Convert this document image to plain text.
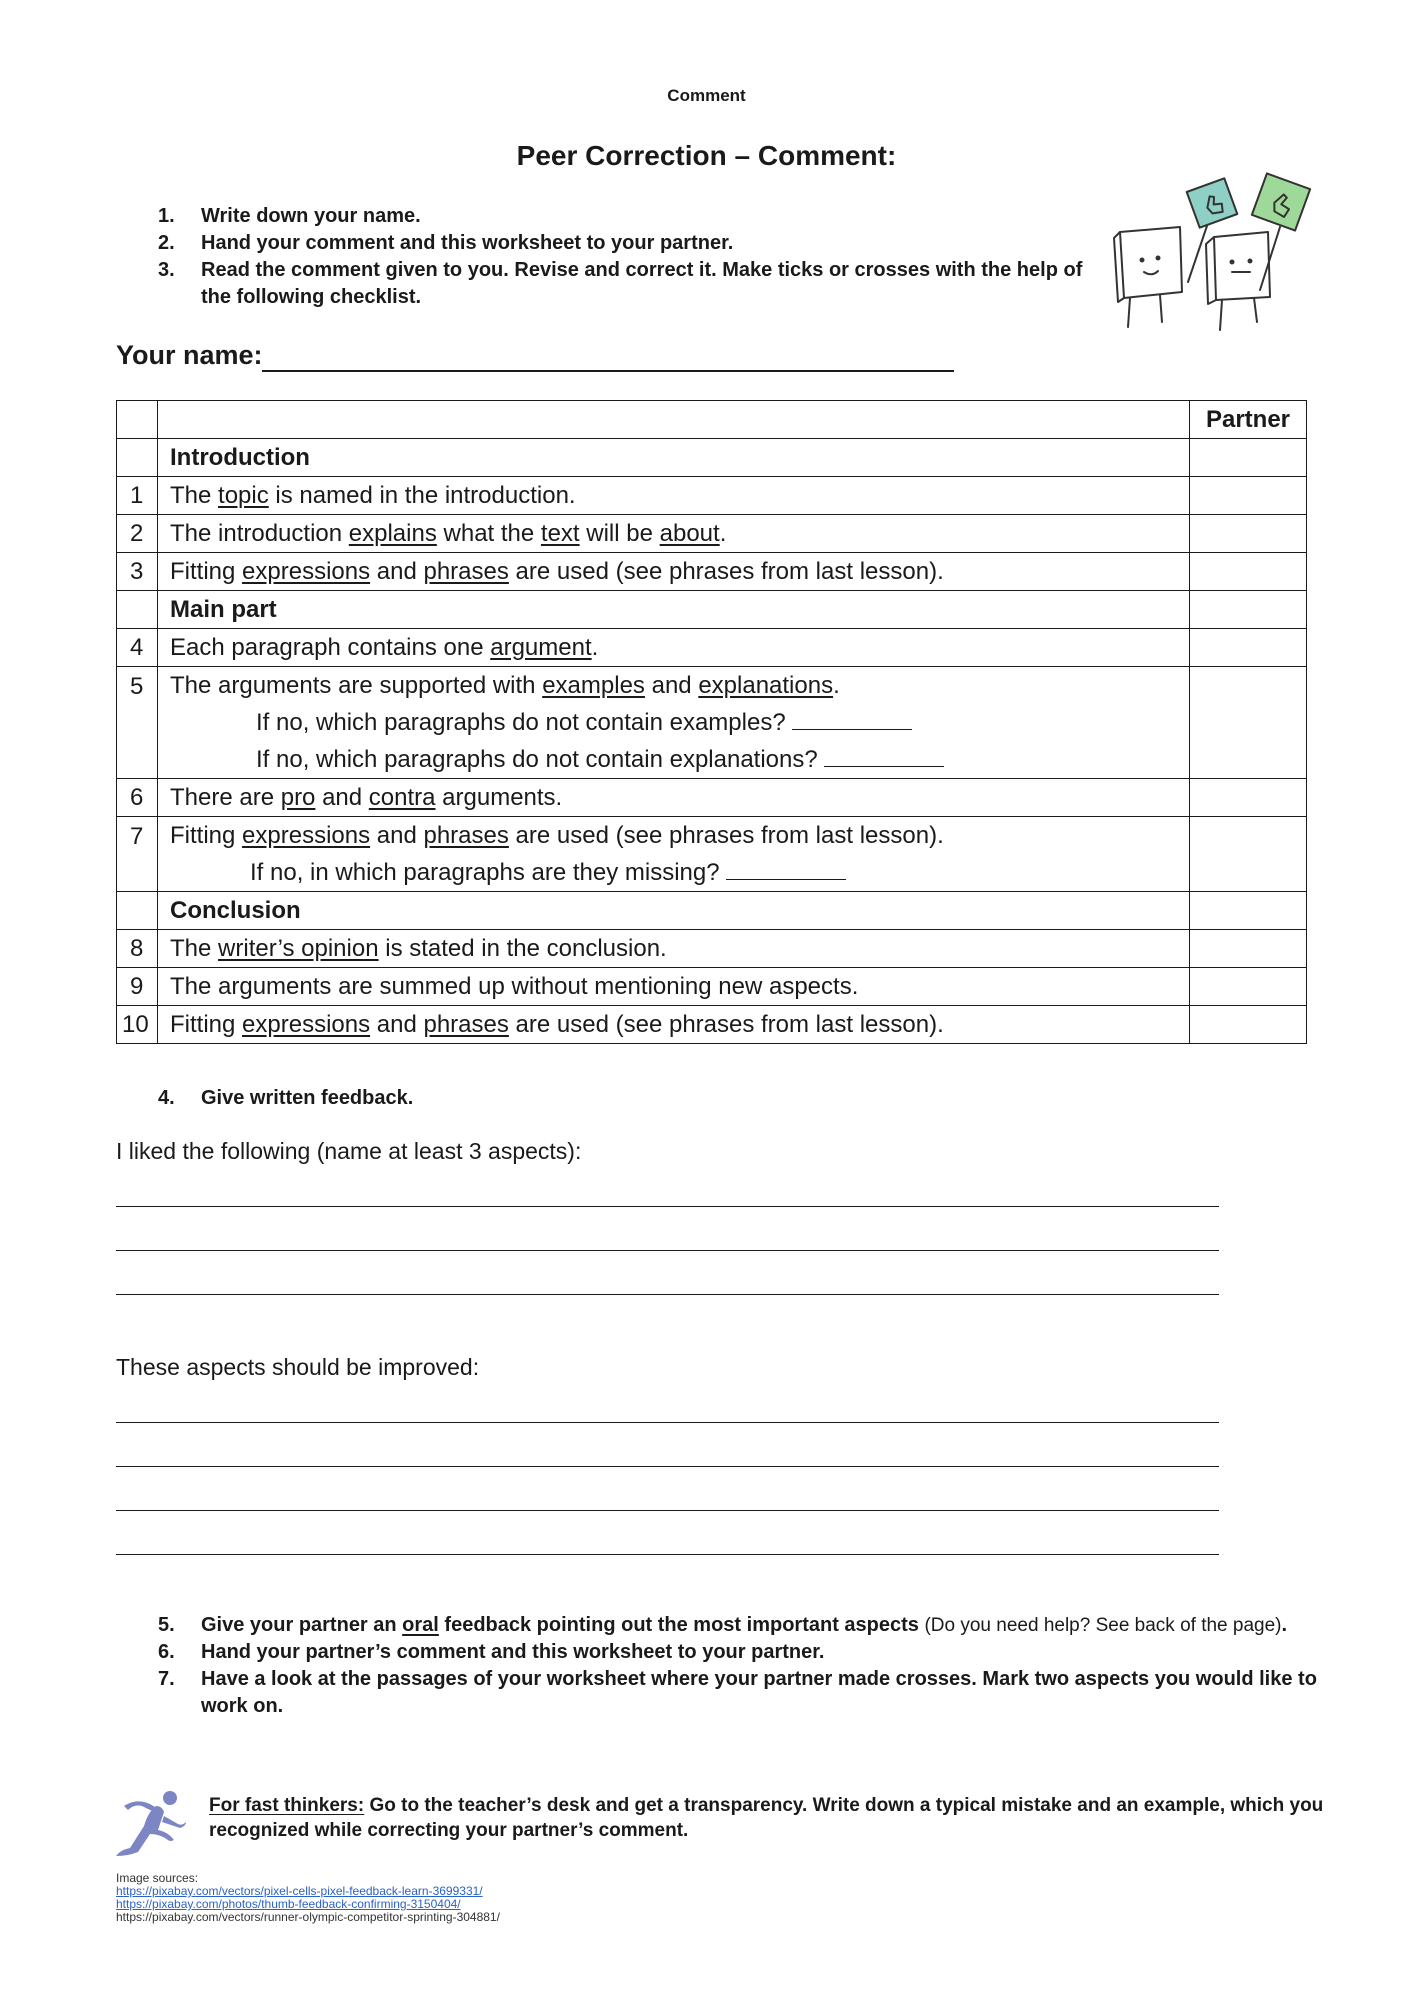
Comment
Peer Correction – Comment:
1. Write down your name.
2. Hand your comment and this worksheet to your partner.
3. Read the comment given to you. Revise and correct it. Make ticks or crosses with the help of the following checklist.
Your name:
		Partner
	Introduction	
1	The topic is named in the introduction.	
2	The introduction explains what the text will be about.	
3	Fitting expressions and phrases are used (see phrases from last lesson).	
	Main part	
4	Each paragraph contains one argument.	
5	The arguments are supported with examples and explanations.
If no, which paragraphs do not contain examples?
If no, which paragraphs do not contain explanations?	

6	There are pro and contra arguments.	
7	Fitting expressions and phrases are used (see phrases from last lesson).
If no, in which paragraphs are they missing?	

	Conclusion	
8	The writer’s opinion is stated in the conclusion.	
9	The arguments are summed up without mentioning new aspects.	
10	Fitting expressions and phrases are used (see phrases from last lesson).	
4. Give written feedback.
I liked the following (name at least 3 aspects):
These aspects should be improved:
5. Give your partner an oral feedback pointing out the most important aspects (Do you need help? See back of the page).
6. Hand your partner’s comment and this worksheet to your partner.
7. Have a look at the passages of your worksheet where your partner made crosses. Mark two aspects you would like to work on.
For fast thinkers: Go to the teacher’s desk and get a transparency. Write down a typical mistake and an example, which you recognized while correcting your partner’s comment.
Image sources:
https://pixabay.com/vectors/pixel-cells-pixel-feedback-learn-3699331/
https://pixabay.com/photos/thumb-feedback-confirming-3150404/
https://pixabay.com/vectors/runner-olympic-competitor-sprinting-304881/
